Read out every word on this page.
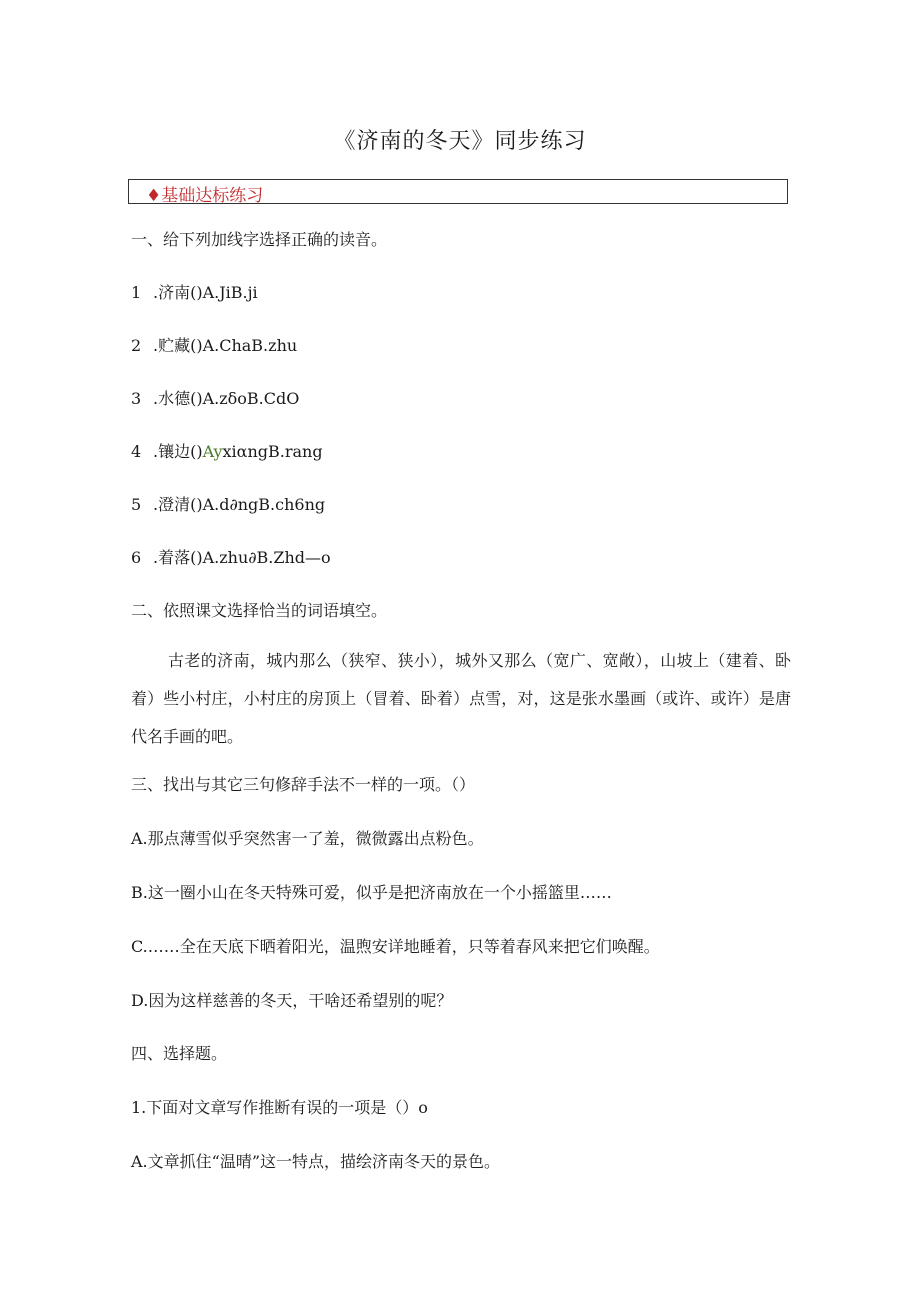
《济南的冬天》同步练习
♦基础达标练习
一、给下列加线字选择正确的读音。
1 .济南()A.JiB.ji
2 .贮藏()A.ChaB.zhu
3 .水德()A.zδoB.CdO
4 .镶边()AyxiαngB.rang
5 .澄清()A.d∂ngB.ch6ng
6 .着落()A.zhu∂B.Zhd—o
二、依照课文选择恰当的词语填空。
古老的济南，城内那么（狭窄、狭小），城外又那么（宽广、宽敞），山坡上（建着、卧着）些小村庄，小村庄的房顶上（冒着、卧着）点雪，对，这是张水墨画（或许、或许）是唐代名手画的吧。
三、找出与其它三句修辞手法不一样的一项。（）
A.那点薄雪似乎突然害一了羞，微微露出点粉色。
B.这一圈小山在冬天特殊可爱，似乎是把济南放在一个小摇篮里……
C.……全在天底下晒着阳光，温煦安详地睡着，只等着春风来把它们唤醒。
D.因为这样慈善的冬天，干啥还希望别的呢？
四、选择题。
1.下面对文章写作推断有误的一项是（）o
A.文章抓住“温晴”这一特点，描绘济南冬天的景色。
